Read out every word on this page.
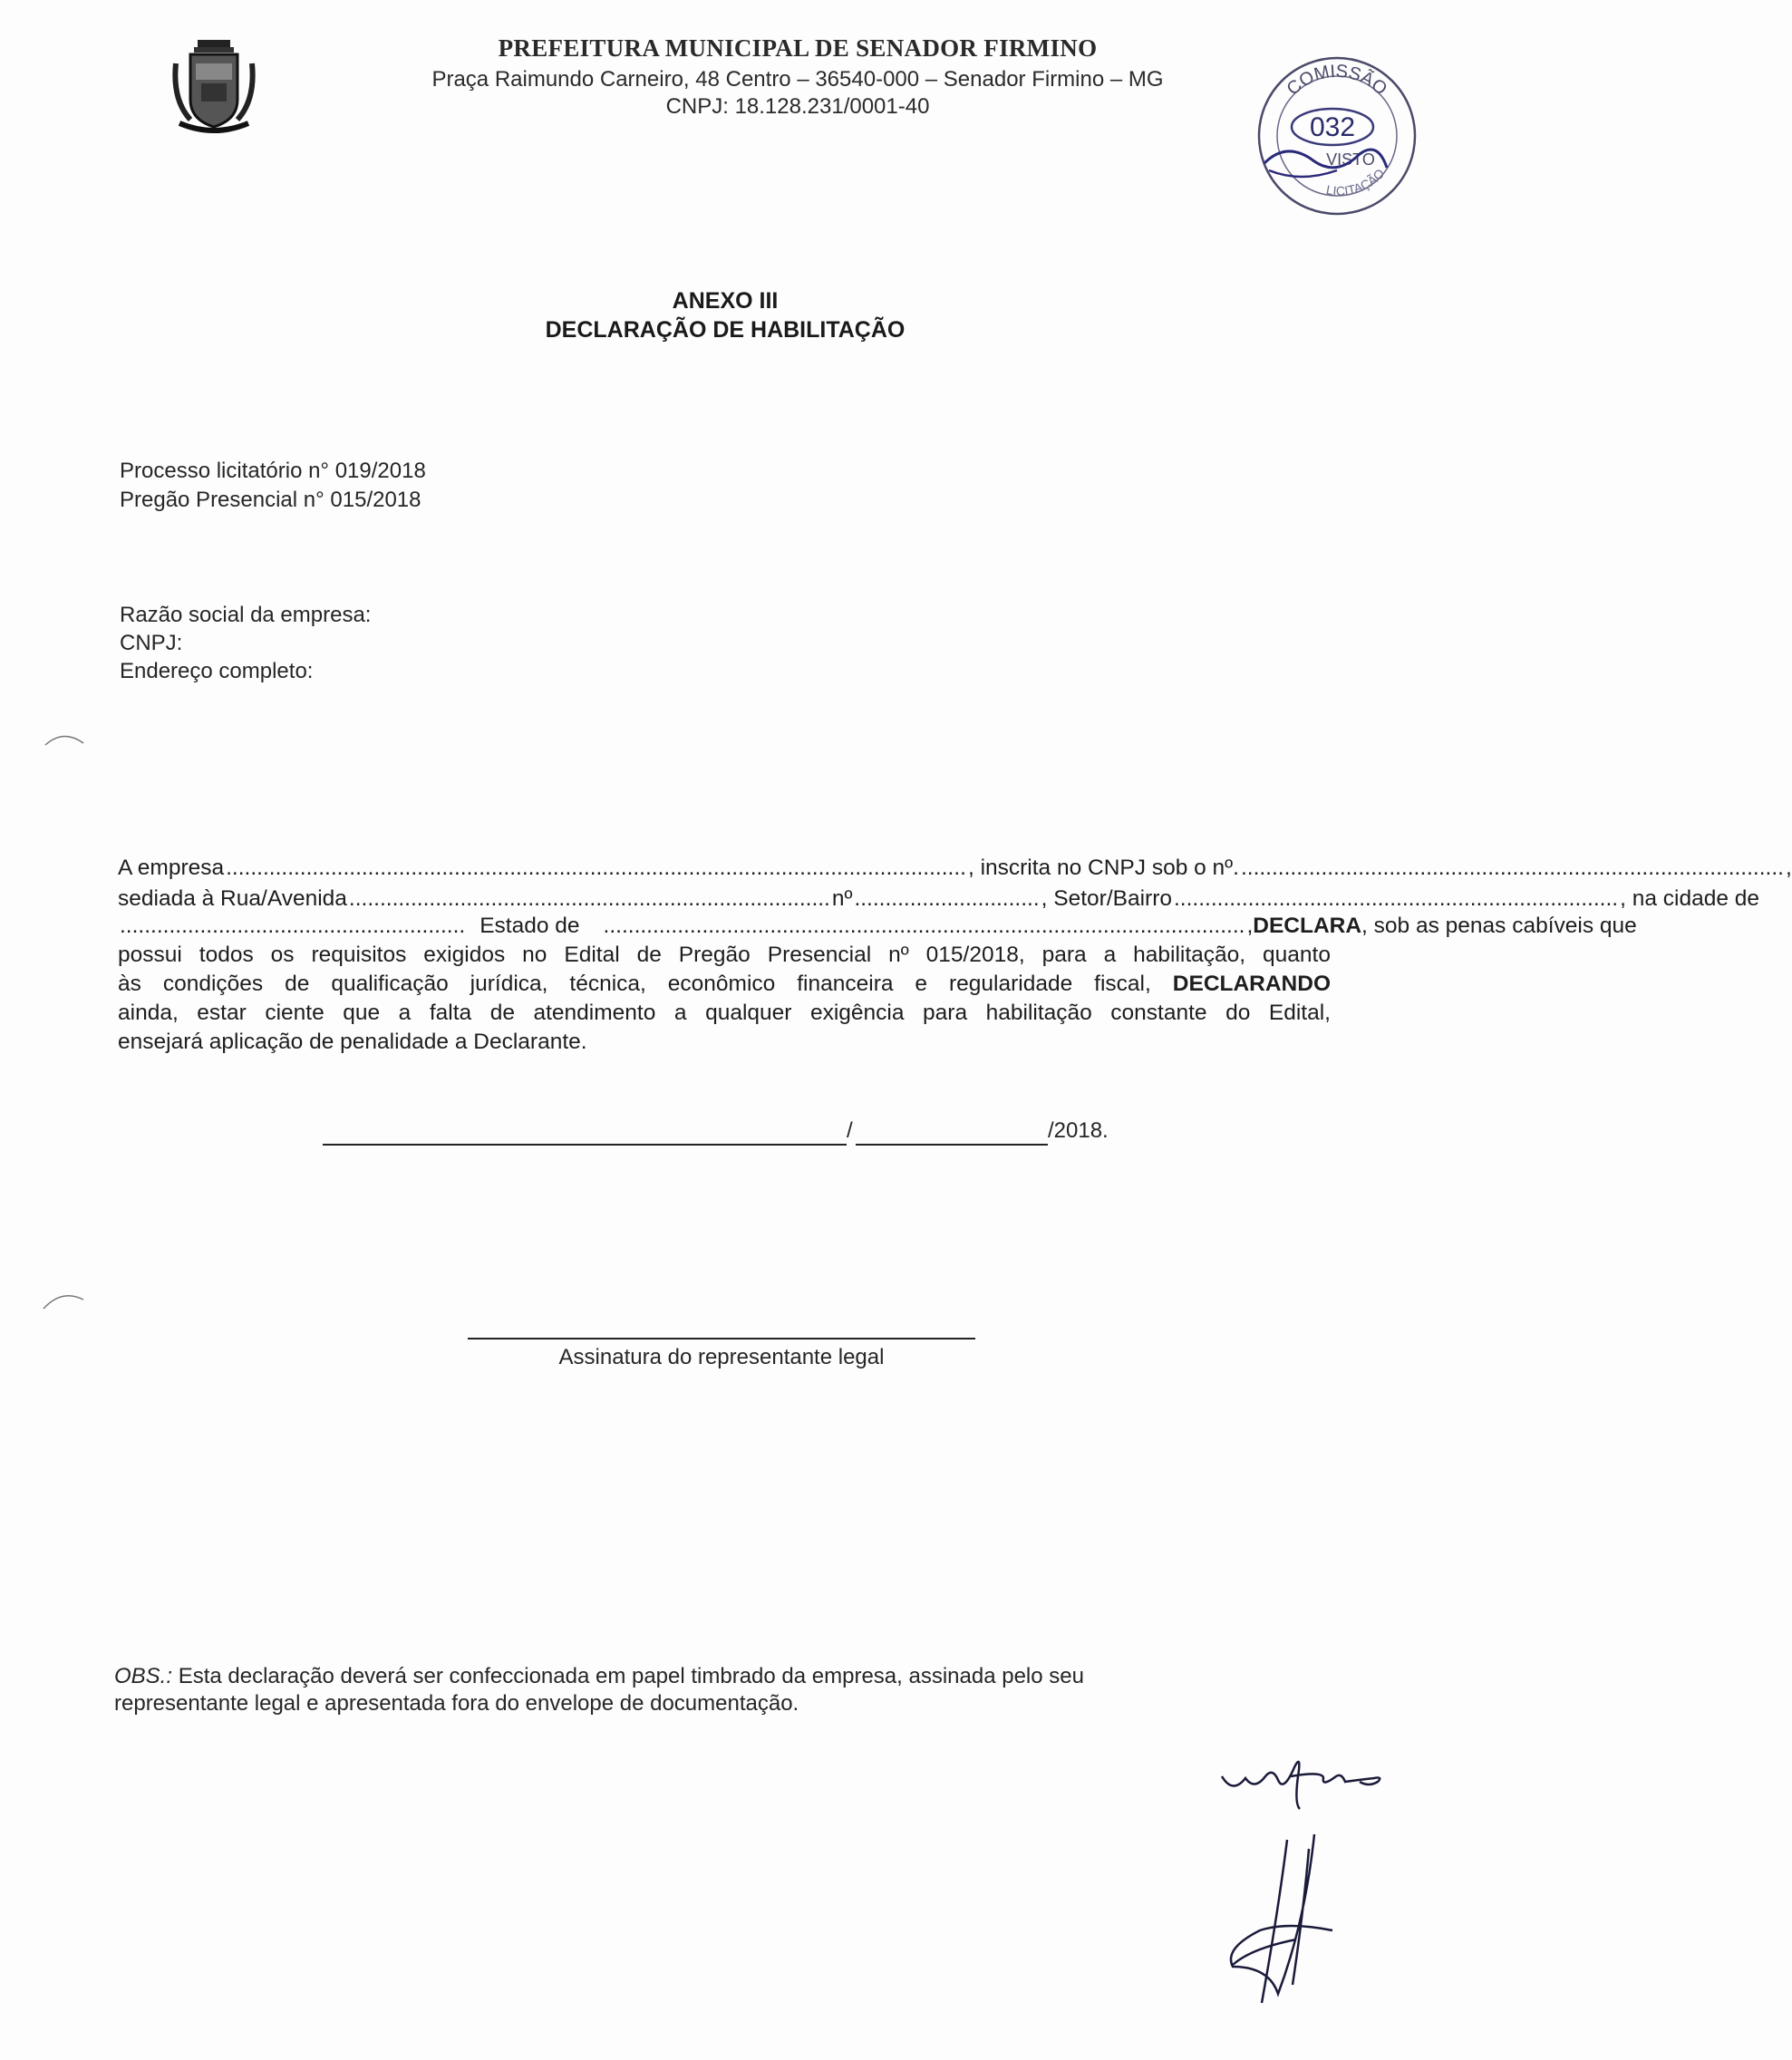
PREFEITURA MUNICIPAL DE SENADOR FIRMINO
Praça Raimundo Carneiro, 48 Centro – 36540-000 – Senador Firmino – MG
CNPJ: 18.128.231/0001-40
COMISSÃO
032
VISTO
LICITAÇÃO
ANEXO III
DECLARAÇÃO DE HABILITAÇÃO
Processo licitatório n° 019/2018
Pregão Presencial n° 015/2018
Razão social da empresa:
CNPJ:
Endereço completo:
A empresa ........................................................................................................................ , inscrita no CNPJ sob o nº. ........................................................................................ ,
sediada à Rua/Avenida .............................................................................. nº .............................. , Setor/Bairro ........................................................................ , na cidade de
........................................................ Estado de ........................................................................................................ , DECLARA , sob as penas cabíveis que
possui todos os requisitos exigidos no Edital de Pregão Presencial nº 015/2018, para a habilitação, quanto
às condições de qualificação jurídica, técnica, econômico financeira e regularidade fiscal, DECLARANDO
ainda, estar ciente que a falta de atendimento a qualquer exigência para habilitação constante do Edital,
ensejará aplicação de penalidade a Declarante.
/	/2018.
Assinatura do representante legal
OBS.: Esta declaração deverá ser confeccionada em papel timbrado da empresa, assinada pelo seu
representante legal e apresentada fora do envelope de documentação.
